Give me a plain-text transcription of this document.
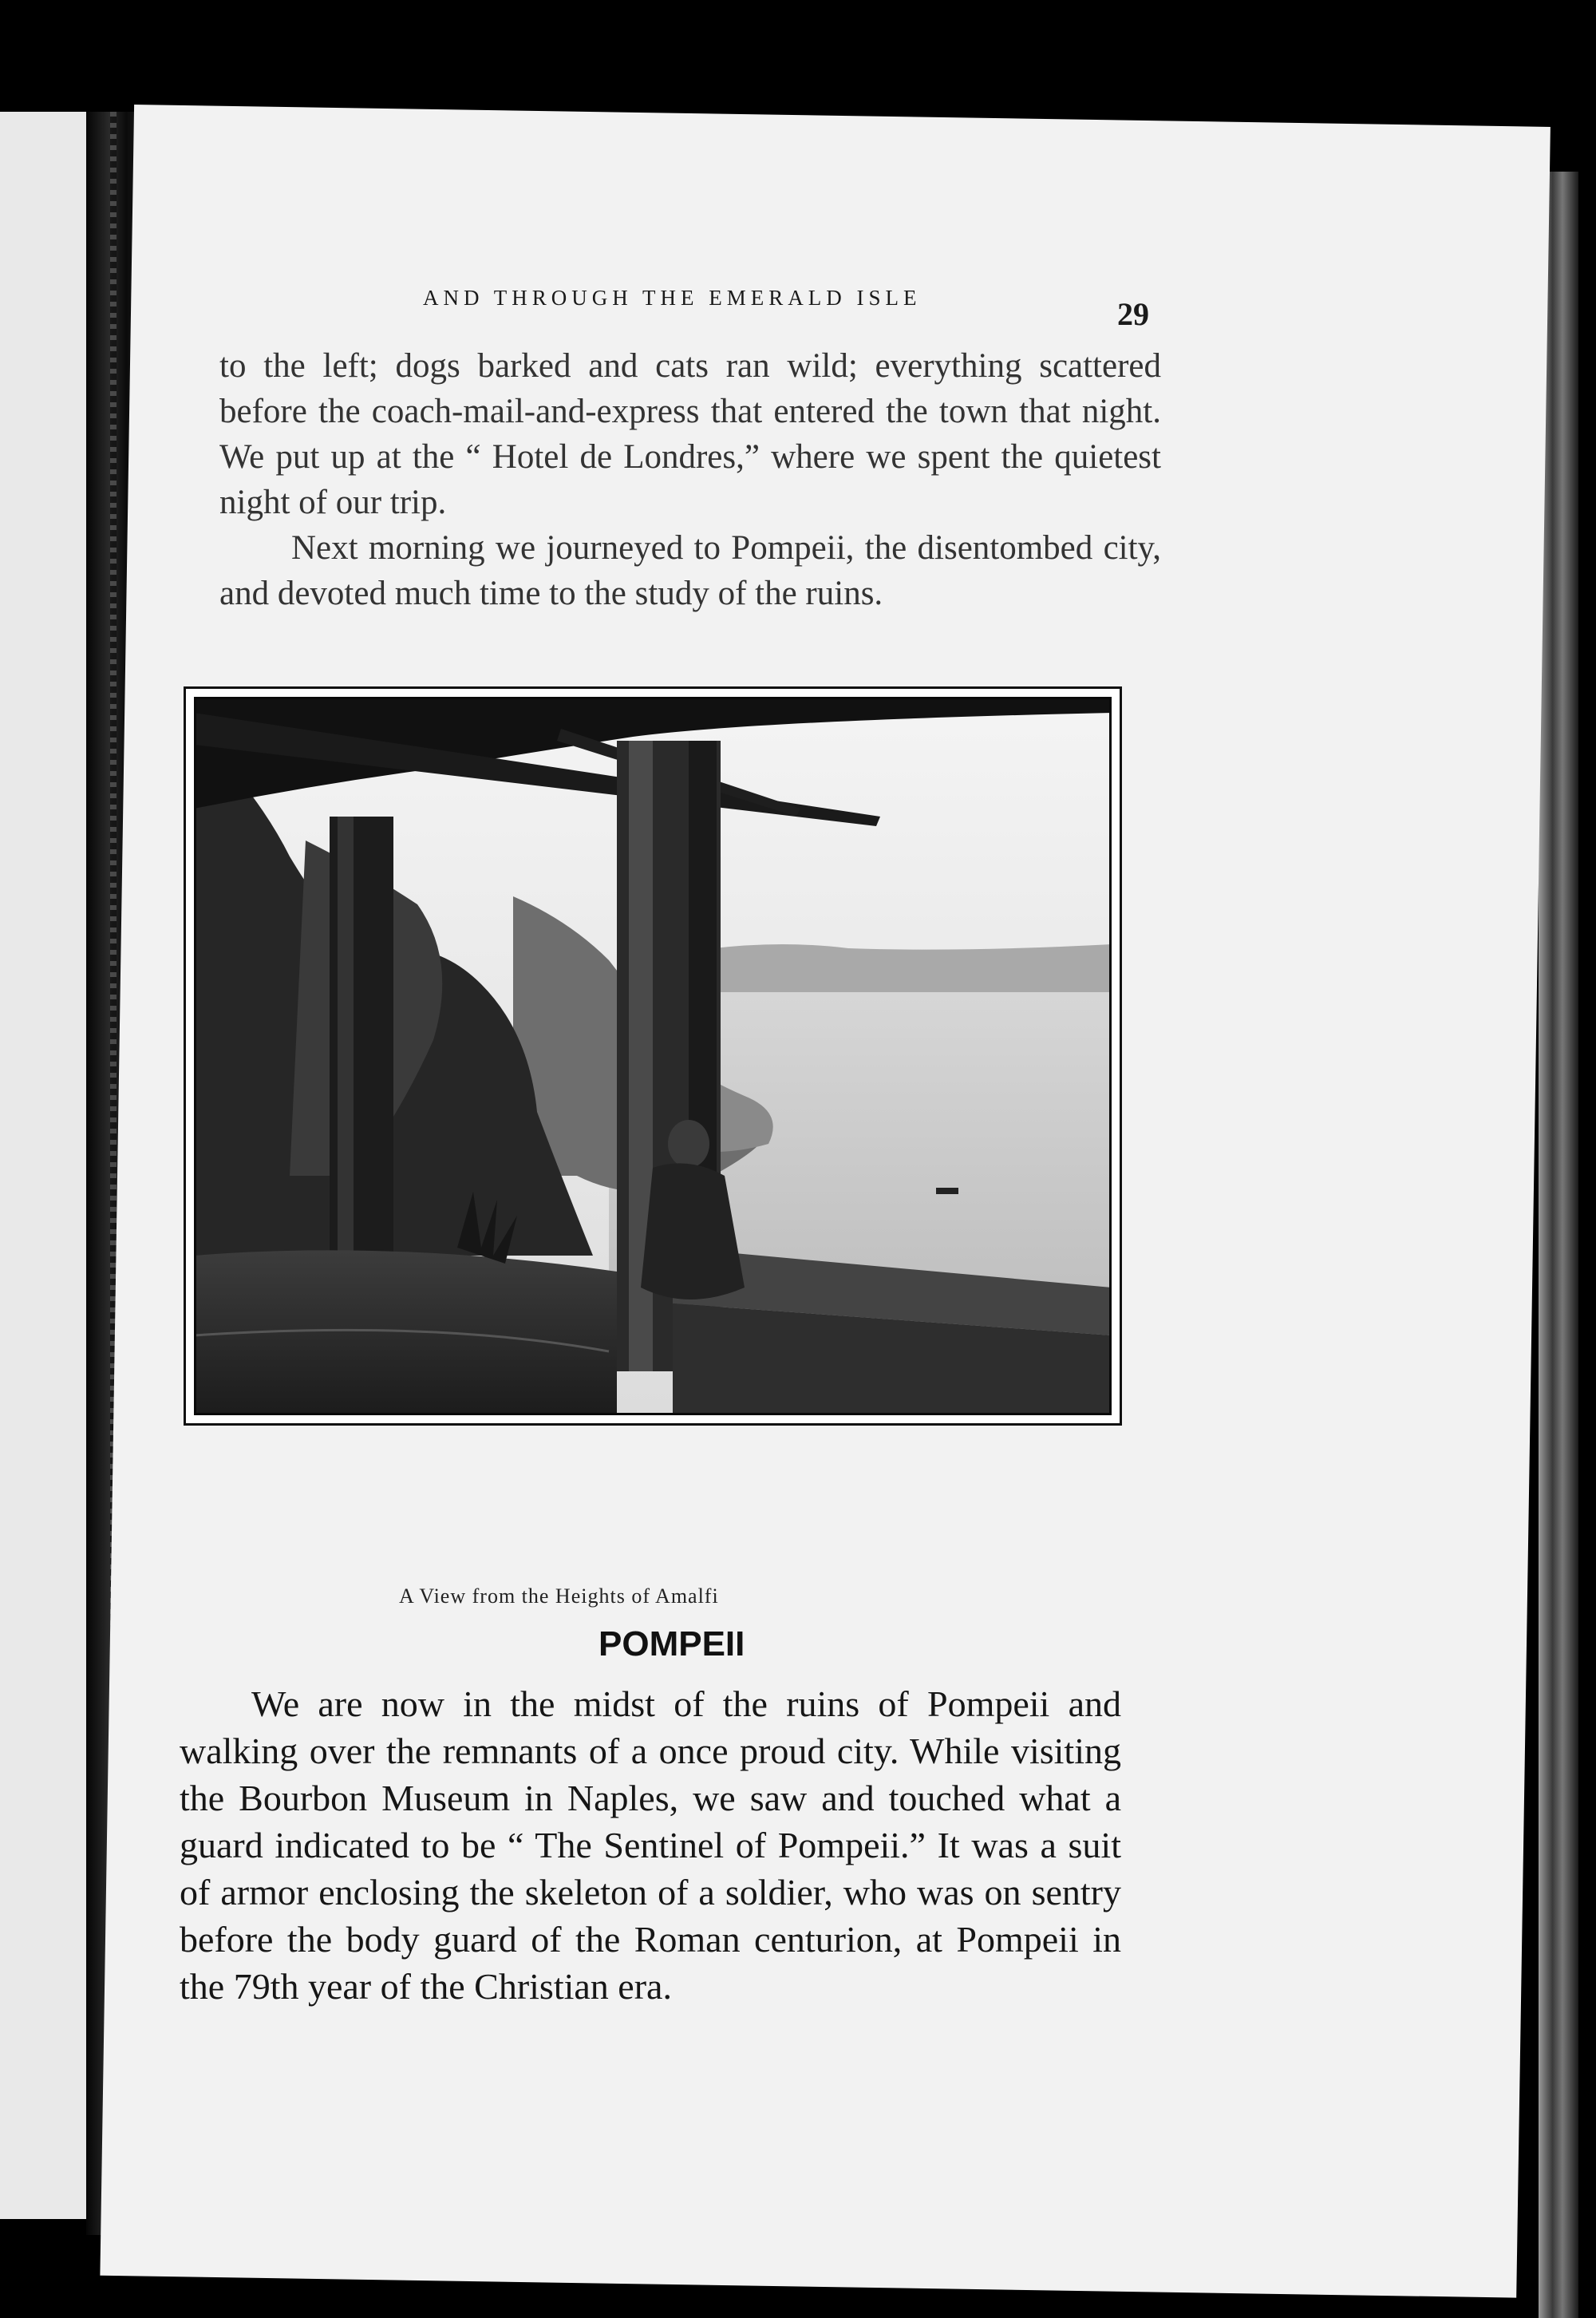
AND THROUGH THE EMERALD ISLE	29

to the left; dogs barked and cats ran wild; everything scattered before the coach-mail-and-express that entered the town that night. We put up at the “ Hotel de Londres,” where we spent the quietest night of our trip.

Next morning we journeyed to Pompeii, the disentombed city, and devoted much time to the study of the ruins.

A View from the Heights of Amalfi
POMPEII

We are now in the midst of the ruins of Pompeii and walking over the remnants of a once proud city. While visiting the Bourbon Museum in Naples, we saw and touched what a guard indicated to be “ The Sentinel of Pompeii.” It was a suit of armor enclosing the skeleton of a soldier, who was on sentry before the body guard of the Roman centurion, at Pompeii in the 79th year of the Christian era.
